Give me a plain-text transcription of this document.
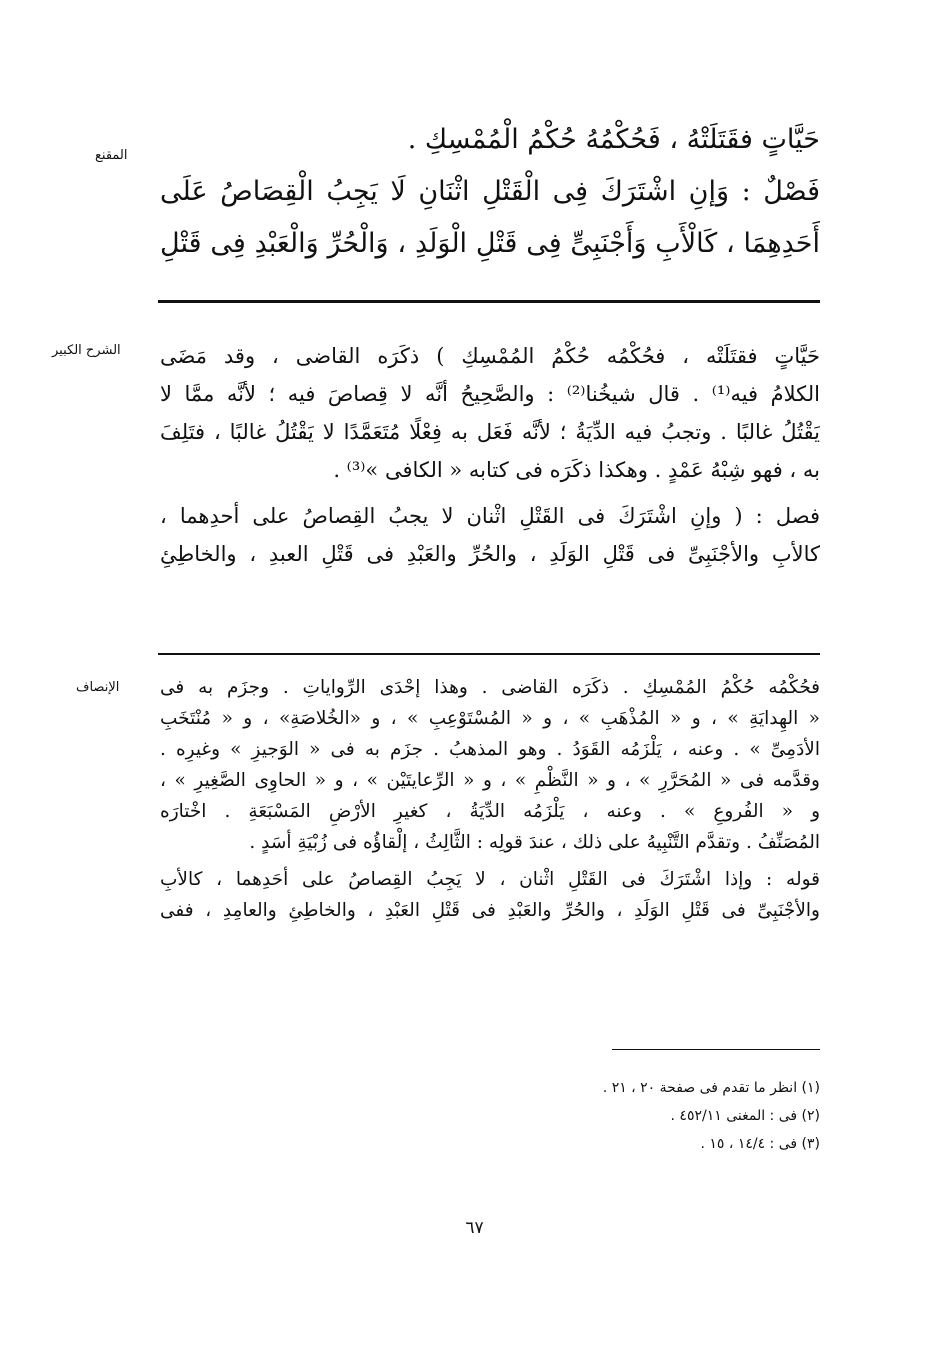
المقنع
الشرح الكبير
الإنصاف
حَيَّاتٍ فقَتَلَتْهُ ، فَحُكْمُهُ حُكْمُ الْمُمْسِكِ .
فَصْلٌ : وَإنِ اشْتَرَكَ فِى الْقَتْلِ اثْنَانِ لَا يَجِبُ الْقِصَاصُ عَلَى
أَحَدِهِمَا ، كَالْأَبِ وَأَجْنَبِىٍّ فِى قَتْلِ الْوَلَدِ ، وَالْحُرِّ وَالْعَبْدِ فِى قَتْلِ
حَيَّاتٍ فقتَلَتْه ، فحُكْمُه حُكْمُ المُمْسِكِ ) ذكَرَه القاضى ، وقد مَضَى
الكلامُ فيه⁽¹⁾ . قال شيخُنا⁽²⁾ : والصَّحِيحُ أنَّه لا قِصاصَ فيه ؛ لأنَّه ممَّا لا
يَقْتُلُ غالبًا . وتجبُ فيه الدِّيَةُ ؛ لأنَّه فَعَل به فِعْلًا مُتَعَمَّدًا لا يَقْتُلُ غالبًا ، فتَلِفَ
به ، فهو شِبْهُ عَمْدٍ . وهكذا ذكَرَه فى كتابه « الكافى »⁽³⁾ .
فصل : ( وإنِ اشْتَرَكَ فى القَتْلِ اثْنان لا يجبُ القِصاصُ على أحدِهما ،
كالأبِ والأجْنَبِىِّ فى قَتْلِ الوَلَدِ ، والحُرِّ والعَبْدِ فى قَتْلِ العبدِ ، والخاطِئِ
فحُكْمُه حُكْمُ المُمْسِكِ . ذكَرَه القاضى . وهذا إحْدَى الرِّواياتِ . وجزَم به فى
« الهِدايَةِ » ، و « المُذْهَبِ » ، و « المُسْتَوْعِبِ » ، و «الخُلاصَةِ» ، و « مُنْتَخَبِ
الأدَمِىِّ » . وعنه ، يَلْزَمُه القَوَدُ . وهو المذهبُ . جزَم به فى « الوَجيزِ » وغيرِه .
وقدَّمه فى « المُحَرَّرِ » ، و « النَّظْمِ » ، و « الرِّعايتَيْن » ، و « الحاوِى الصَّغِيرِ » ،
و « الفُروعِ » . وعنه ، يَلْزَمُه الدِّيَةُ ، كغيرِ الأرْضِ المَسْبَعَةِ . اخْتارَه
المُصَنِّفُ . وتقدَّم التَّنْبِيهُ على ذلك ، عندَ قولِه : الثَّالِثُ ، إلْقاؤُه فى زُبْيَةِ أسَدٍ .
قوله : وإذا اشْتَرَكَ فى القَتْلِ اثْنان ، لا يَجِبُ القِصاصُ على أحَدِهما ، كالأبِ
والأجْنَبِىِّ فى قَتْلِ الوَلَدِ ، والحُرِّ والعَبْدِ فى قَتْلِ العَبْدِ ، والخاطِئِ والعامِدِ ، ففى
(١) انظر ما تقدم فى صفحة ٢٠ ، ٢١ .
(٢) فى : المغنى ٤٥٢/١١ .
(٣) فى : ١٤/٤ ، ١٥ .
٦٧
